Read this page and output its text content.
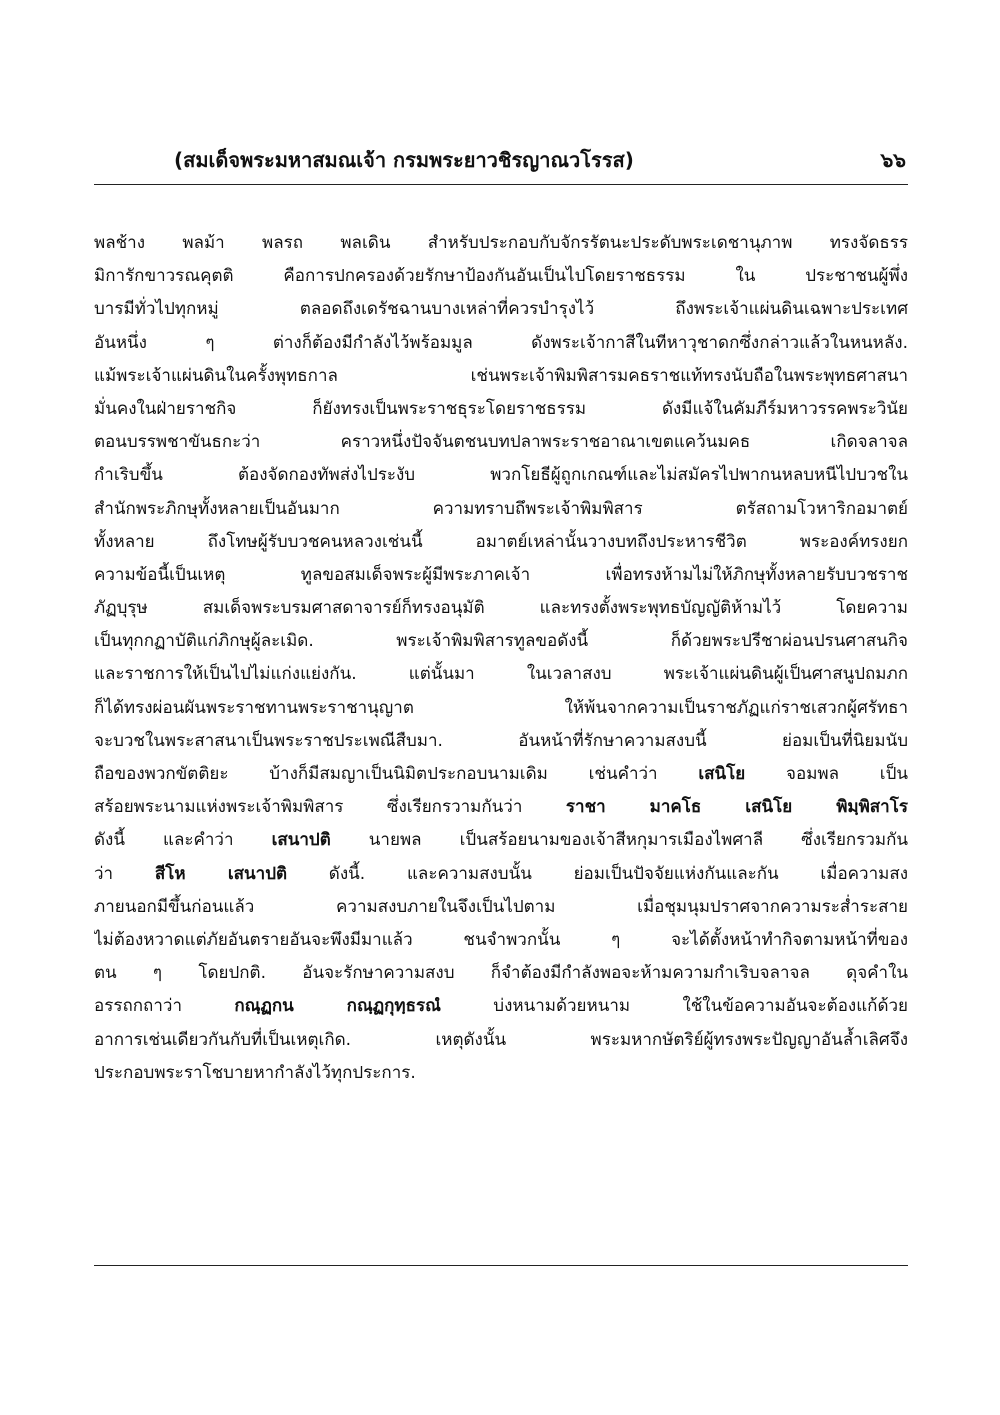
(สมเด็จพระมหาสมณเจ้า กรมพระยาวชิรญาณวโรรส)	๖๖
พลช้าง พลม้า พลรถ พลเดิน สำหรับประกอบกับจักรรัตนะประดับพระเดชานุภาพ ทรงจัดธรร
มิการักขาวรณคุตติ คือการปกครองด้วยรักษาป้องกันอันเป็นไปโดยราชธรรม ใน ประชาชนผู้พึ่ง
บารมีทั่วไปทุกหมู่ ตลอดถึงเดรัชฉานบางเหล่าที่ควรบำรุงไว้ ถึงพระเจ้าแผ่นดินเฉพาะประเทศ
อันหนึ่ง ๆ ต่างก็ต้องมีกำลังไว้พร้อมมูล ดังพระเจ้ากาสีในทีหาวุชาดกซึ่งกล่าวแล้วในหนหลัง.
แม้พระเจ้าแผ่นดินในครั้งพุทธกาล เช่นพระเจ้าพิมพิสารมคธราชแท้ทรงนับถือในพระพุทธศาสนา
มั่นคงในฝ่ายราชกิจ ก็ยังทรงเป็นพระราชธุระโดยราชธรรม ดังมีแจ้ในคัมภีร์มหาวรรคพระวินัย
ตอนบรรพชาขันธกะว่า คราวหนึ่งปัจจันตชนบทปลาพระราชอาณาเขตแคว้นมคธ เกิดจลาจล
กำเริบขึ้น ต้องจัดกองทัพส่งไประงับ พวกโยธีผู้ถูกเกณฑ์และไม่สมัครไปพากนหลบหนีไปบวชใน
สำนักพระภิกษุทั้งหลายเป็นอันมาก ความทราบถึพระเจ้าพิมพิสาร ตรัสถามโวหาริกอมาตย์
ทั้งหลาย ถึงโทษผู้รับบวชคนหลวงเช่นนี้ อมาตย์เหล่านั้นวางบทถึงประหารชีวิต พระองค์ทรงยก
ความข้อนี้เป็นเหตุ ทูลขอสมเด็จพระผู้มีพระภาคเจ้า เพื่อทรงห้ามไม่ให้ภิกษุทั้งหลายรับบวชราช
ภัฏบุรุษ สมเด็จพระบรมศาสดาจารย์ก็ทรงอนุมัติ และทรงตั้งพระพุทธบัญญัติห้ามไว้ โดยความ
เป็นทุกกฏาบัติแก่ภิกษุผู้ละเมิด. พระเจ้าพิมพิสารทูลขอดังนี้ ก็ด้วยพระปรีชาผ่อนปรนศาสนกิจ
และราชการให้เป็นไปไม่แก่งแย่งกัน. แต่นั้นมา ในเวลาสงบ พระเจ้าแผ่นดินผู้เป็นศาสนูปถมภก
ก็ได้ทรงผ่อนผันพระราชทานพระราชานุญาต ให้พ้นจากความเป็นราชภัฏแก่ราชเสวกผู้ศรัทธา
จะบวชในพระสาสนาเป็นพระราชประเพณีสืบมา. อันหน้าที่รักษาความสงบนี้ ย่อมเป็นที่นิยมนับ
ถือของพวกขัตติยะ บ้างก็มีสมญาเป็นนิมิตประกอบนามเดิม เช่นคำว่า เสนิโย จอมพล เป็น
สร้อยพระนามแห่งพระเจ้าพิมพิสาร ซึ่งเรียกรวามกันว่า ราชา มาคโธ เสนิโย พิมฺพิสาโร
ดังนี้ และคำว่า เสนาปติ นายพล เป็นสร้อยนามของเจ้าสีหกุมารเมืองไพศาลี ซึ่งเรียกรวมกัน
ว่า สีโห เสนาปติ ดังนี้. และความสงบนั้น ย่อมเป็นปัจจัยแห่งกันและกัน เมื่อความสง
ภายนอกมีขึ้นก่อนแล้ว ความสงบภายในจึงเป็นไปตาม เมื่อชุมนุมปราศจากความระส่ำระสาย
ไม่ต้องหวาดแต่ภัยอันตรายอันจะพึงมีมาแล้ว ชนจำพวกนั้น ๆ จะได้ตั้งหน้าทำกิจตามหน้าที่ของ
ตน ๆ โดยปกติ. อันจะรักษาความสงบ ก็จำต้องมีกำลังพอจะห้ามความกำเริบจลาจล ดุจคำใน
อรรถกถาว่า กณฺฏกน กณฺฏกุทฺธรณํ บ่งหนามด้วยหนาม ใช้ในข้อความอันจะต้องแก้ด้วย
อาการเช่นเดียวกันกับที่เป็นเหตุเกิด. เหตุดังนั้น พระมหากษัตริย์ผู้ทรงพระปัญญาอันล้ำเลิศจึง
ประกอบพระราโชบายหากำลังไว้ทุกประการ.
